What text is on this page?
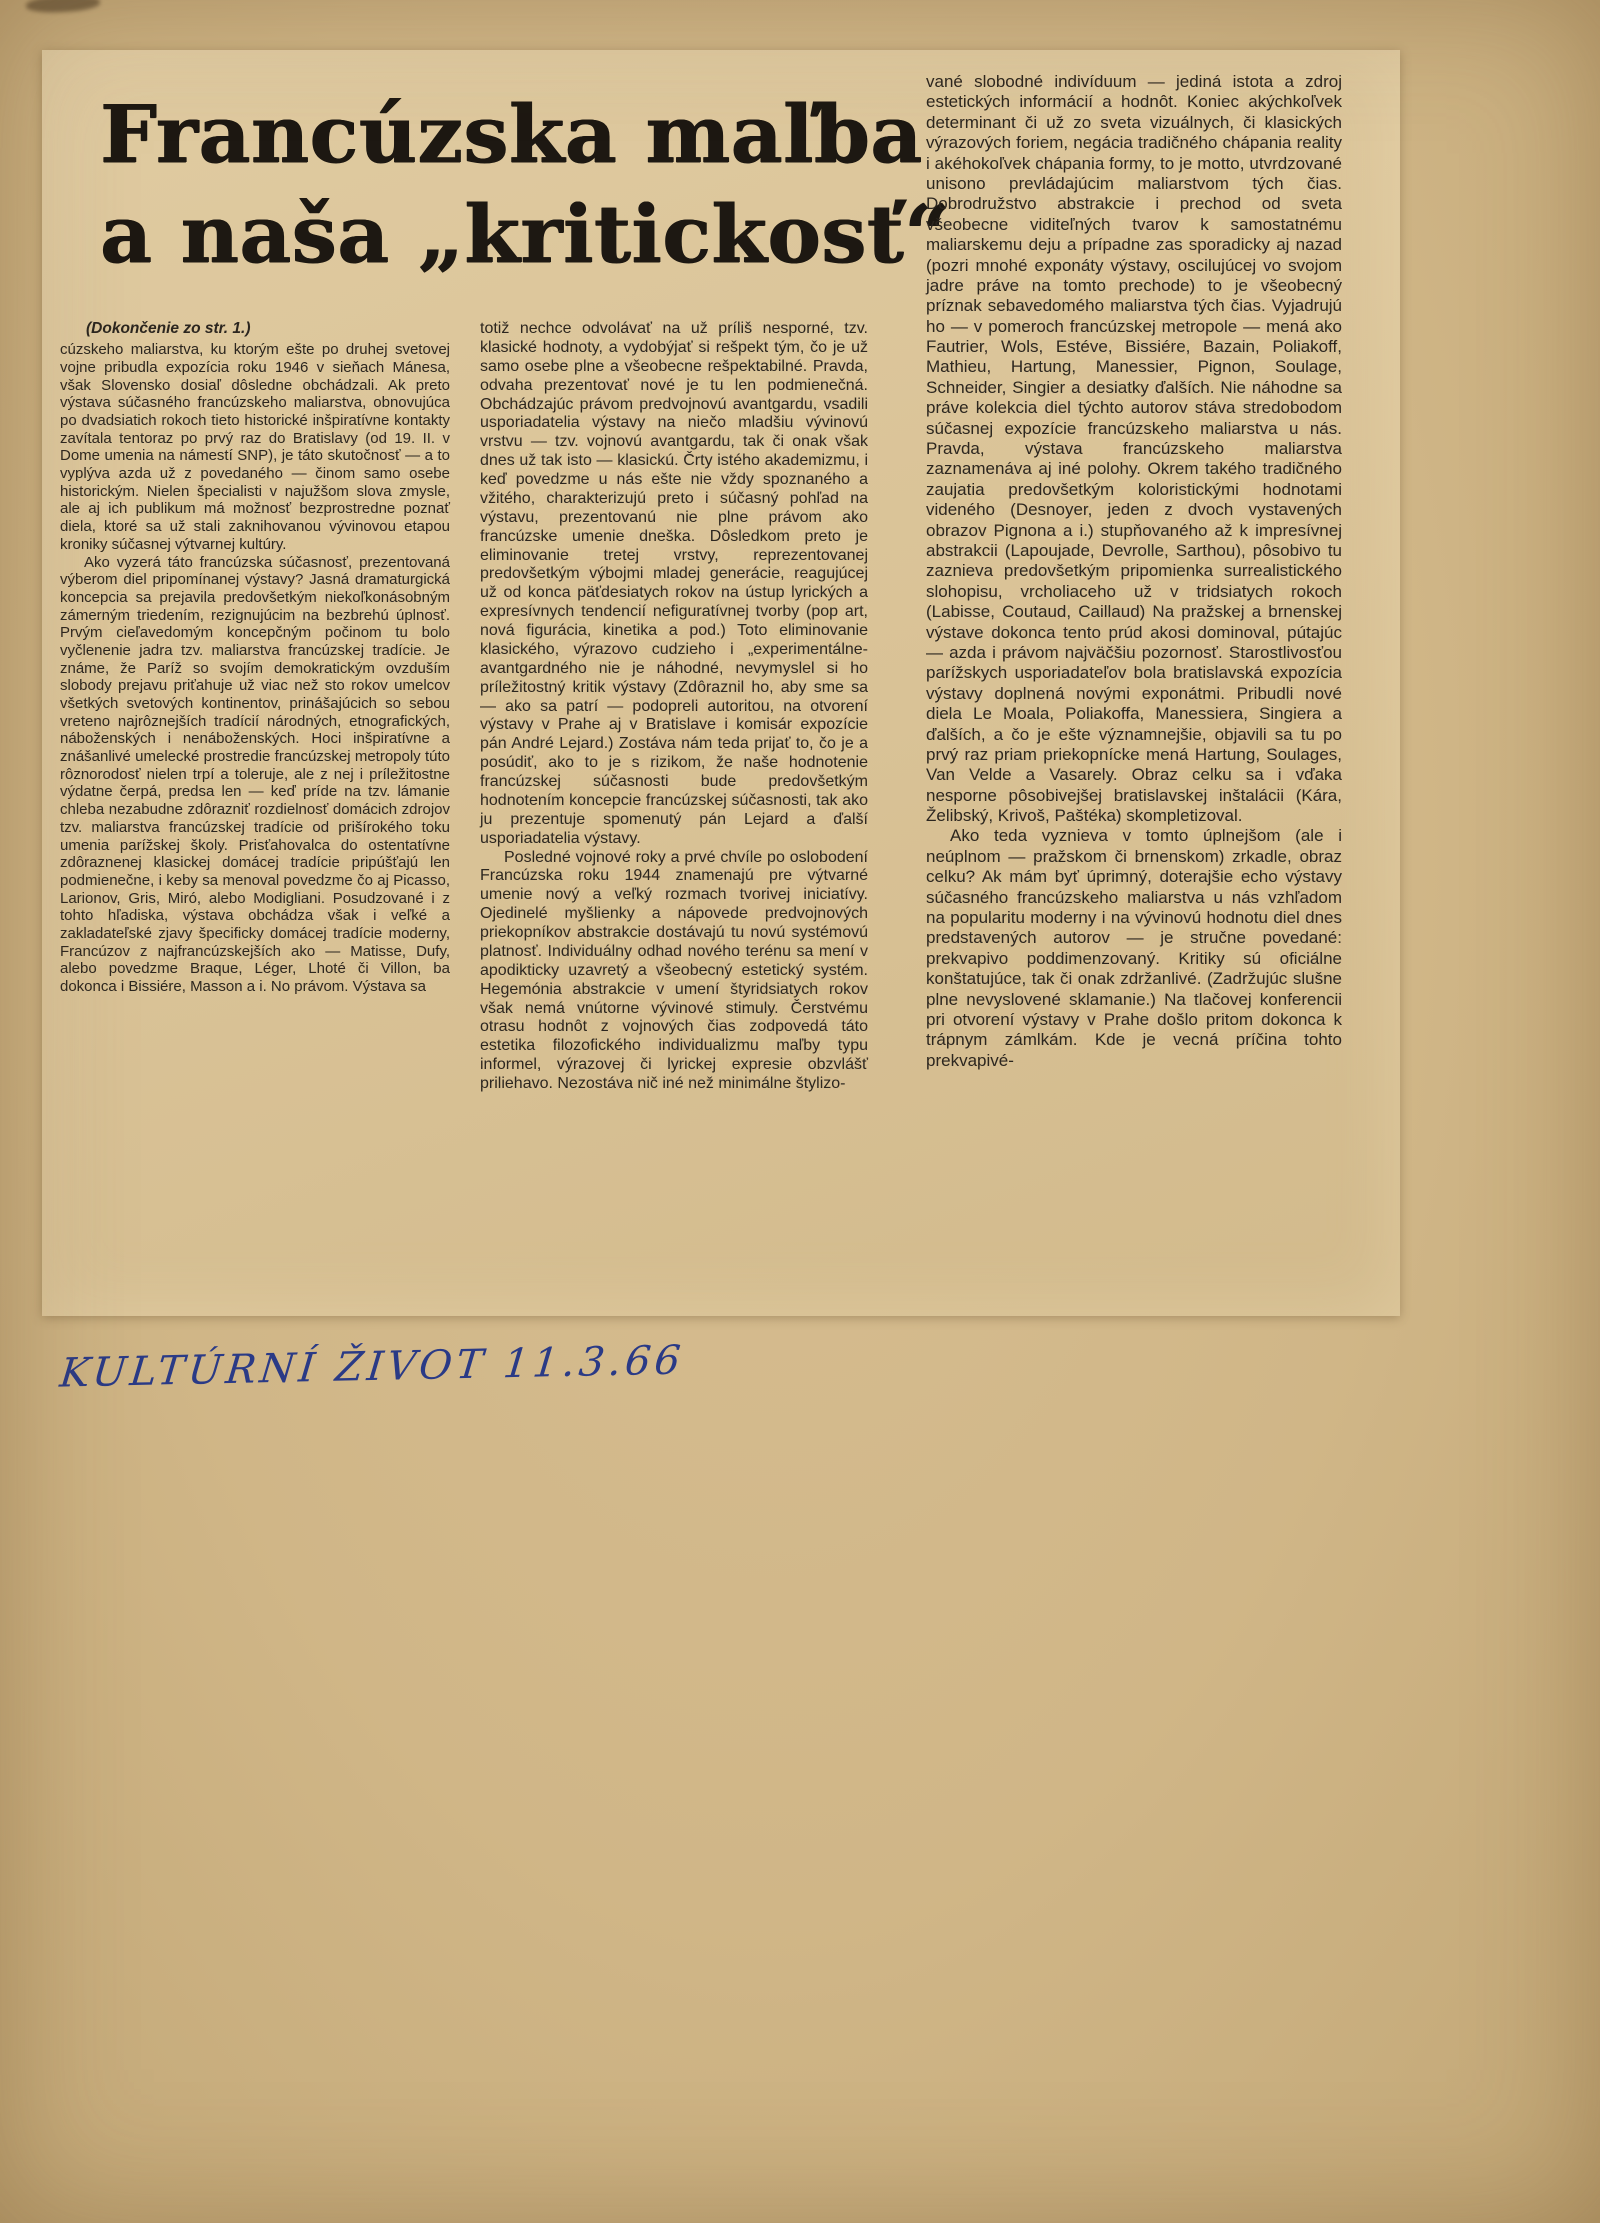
Francúzska maľba
a naša „kritickosť“

(Dokončenie zo str. 1.)

cúzskeho maliarstva, ku ktorým ešte po druhej svetovej vojne pribudla expozícia roku 1946 v sieňach Mánesa, však Slovensko dosiaľ dôsledne obchádzali. Ak preto výstava súčasného francúzskeho maliarstva, obnovujúca po dvadsiatich rokoch tieto historické inšpiratívne kontakty zavítala tentoraz po prvý raz do Bratislavy (od 19. II. v Dome umenia na námestí SNP), je táto skutočnosť — a to vyplýva azda už z povedaného — činom samo osebe historickým. Nielen špecialisti v najužšom slova zmysle, ale aj ich publikum má možnosť bezprostredne poznať diela, ktoré sa už stali zaknihovanou vývinovou etapou kroniky súčasnej výtvarnej kultúry.

Ako vyzerá táto francúzska súčasnosť, prezentovaná výberom diel pripomínanej výstavy? Jasná dramaturgická koncepcia sa prejavila predovšetkým niekoľkonásobným zámerným triedením, rezignujúcim na bezbrehú úplnosť. Prvým cieľavedomým koncepčným počinom tu bolo vyčlenenie jadra tzv. maliarstva francúzskej tradície. Je známe, že Paríž so svojím demokratickým ovzduším slobody prejavu priťahuje už viac než sto rokov umelcov všetkých svetových kontinentov, prinášajúcich so sebou vreteno najrôznejších tradícií národných, etnografických, náboženských i nenáboženských. Hoci inšpiratívne a znášanlivé umelecké prostredie francúzskej metropoly túto rôznorodosť nielen trpí a toleruje, ale z nej i príležitostne výdatne čerpá, predsa len — keď príde na tzv. lámanie chleba nezabudne zdôrazniť rozdielnosť domácich zdrojov tzv. maliarstva francúzskej tradície od prišírokého toku umenia parížskej školy. Prisťahovalca do ostentatívne zdôraznenej klasickej domácej tradície pripúšťajú len podmienečne, i keby sa menoval povedzme čo aj Picasso, Larionov, Gris, Miró, alebo Modigliani. Posudzované i z tohto hľadiska, výstava obchádza však i veľké a zakladateľské zjavy špecificky domácej tradície moderny, Francúzov z najfrancúzskejších ako — Matisse, Dufy, alebo povedzme Braque, Léger, Lhoté či Villon, ba dokonca i Bissiére, Masson a i. No právom. Výstava sa

totiž nechce odvolávať na už príliš nesporné, tzv. klasické hodnoty, a vydobýjať si rešpekt tým, čo je už samo osebe plne a všeobecne rešpektabilné. Pravda, odvaha prezentovať nové je tu len podmienečná. Obchádzajúc právom predvojnovú avantgardu, vsadili usporiadatelia výstavy na niečo mladšiu vývinovú vrstvu — tzv. vojnovú avantgardu, tak či onak však dnes už tak isto — klasickú. Črty istého akademizmu, i keď povedzme u nás ešte nie vždy spoznaného a vžitého, charakterizujú preto i súčasný pohľad na výstavu, prezentovanú nie plne právom ako francúzske umenie dneška. Dôsledkom preto je eliminovanie tretej vrstvy, reprezentovanej predovšetkým výbojmi mladej generácie, reagujúcej už od konca päťdesiatych rokov na ústup lyrických a expresívnych tendencií nefiguratívnej tvorby (pop art, nová figurácia, kinetika a pod.) Toto eliminovanie klasického, výrazovo cudzieho i „experimentálne-avantgardného nie je náhodné, nevymyslel si ho príležitostný kritik výstavy (Zdôraznil ho, aby sme sa — ako sa patrí — podopreli autoritou, na otvorení výstavy v Prahe aj v Bratislave i komisár expozície pán André Lejard.) Zostáva nám teda prijať to, čo je a posúdiť, ako to je s rizikom, že naše hodnotenie francúzskej súčasnosti bude predovšetkým hodnotením koncepcie francúzskej súčasnosti, tak ako ju prezentuje spomenutý pán Lejard a ďalší usporiadatelia výstavy.

Posledné vojnové roky a prvé chvíle po oslobodení Francúzska roku 1944 znamenajú pre výtvarné umenie nový a veľký rozmach tvorivej iniciatívy. Ojedinelé myšlienky a nápovede predvojnových priekopníkov abstrakcie dostávajú tu novú systémovú platnosť. Individuálny odhad nového terénu sa mení v apodikticky uzavretý a všeobecný estetický systém. Hegemónia abstrakcie v umení štyridsiatych rokov však nemá vnútorne vývinové stimuly. Čerstvému otrasu hodnôt z vojnových čias zodpovedá táto estetika filozofického individualizmu maľby typu informel, výrazovej či lyrickej expresie obzvlášť priliehavo. Nezostáva nič iné než minimálne štylizo-

vané slobodné indivíduum — jediná istota a zdroj estetických informácií a hodnôt. Koniec akýchkoľvek determinant či už zo sveta vizuálnych, či klasických výrazových foriem, negácia tradičného chápania reality i akéhokoľvek chápania formy, to je motto, utvrdzované unisono prevládajúcim maliarstvom tých čias. Dobrodružstvo abstrakcie i prechod od sveta všeobecne viditeľných tvarov k samostatnému maliarskemu deju a prípadne zas sporadicky aj nazad (pozri mnohé exponáty výstavy, oscilujúcej vo svojom jadre práve na tomto prechode) to je všeobecný príznak sebavedomého maliarstva tých čias. Vyjadrujú ho — v pomeroch francúzskej metropole — mená ako Fautrier, Wols, Estéve, Bissiére, Bazain, Poliakoff, Mathieu, Hartung, Manessier, Pignon, Soulage, Schneider, Singier a desiatky ďalších. Nie náhodne sa práve kolekcia diel týchto autorov stáva stredobodom súčasnej expozície francúzskeho maliarstva u nás. Pravda, výstava francúzskeho maliarstva zaznamenáva aj iné polohy. Okrem takého tradičného zaujatia predovšetkým koloristickými hodnotami videného (Desnoyer, jeden z dvoch vystavených obrazov Pignona a i.) stupňovaného až k impresívnej abstrakcii (Lapoujade, Devrolle, Sarthou), pôsobivo tu zaznieva predovšetkým pripomienka surrealistického slohopisu, vrcholiaceho už v tridsiatych rokoch (Labisse, Coutaud, Caillaud) Na pražskej a brnenskej výstave dokonca tento prúd akosi dominoval, pútajúc — azda i právom najväčšiu pozornosť. Starostlivosťou parížskych usporiadateľov bola bratislavská expozícia výstavy doplnená novými exponátmi. Pribudli nové diela Le Moala, Poliakoffa, Manessiera, Singiera a ďalších, a čo je ešte významnejšie, objavili sa tu po prvý raz priam priekopnícke mená Hartung, Soulages, Van Velde a Vasarely. Obraz celku sa i vďaka nesporne pôsobivejšej bratislavskej inštalácii (Kára, Želibský, Krivoš, Paštéka) skompletizoval.

Ako teda vyznieva v tomto úplnejšom (ale i neúplnom — pražskom či brnenskom) zrkadle, obraz celku? Ak mám byť úprimný, doterajšie echo výstavy súčasného francúzskeho maliarstva u nás vzhľadom na popularitu moderny i na vývinovú hodnotu diel dnes predstavených autorov — je stručne povedané: prekvapivo poddimenzovaný. Kritiky sú oficiálne konštatujúce, tak či onak zdržanlivé. (Zadržujúc slušne plne nevyslovené sklamanie.) Na tlačovej konferencii pri otvorení výstavy v Prahe došlo pritom dokonca k trápnym zámlkám. Kde je vecná príčina tohto prekvapivé-

KULTÚRNÍ ŽIVOT 11.3.66
